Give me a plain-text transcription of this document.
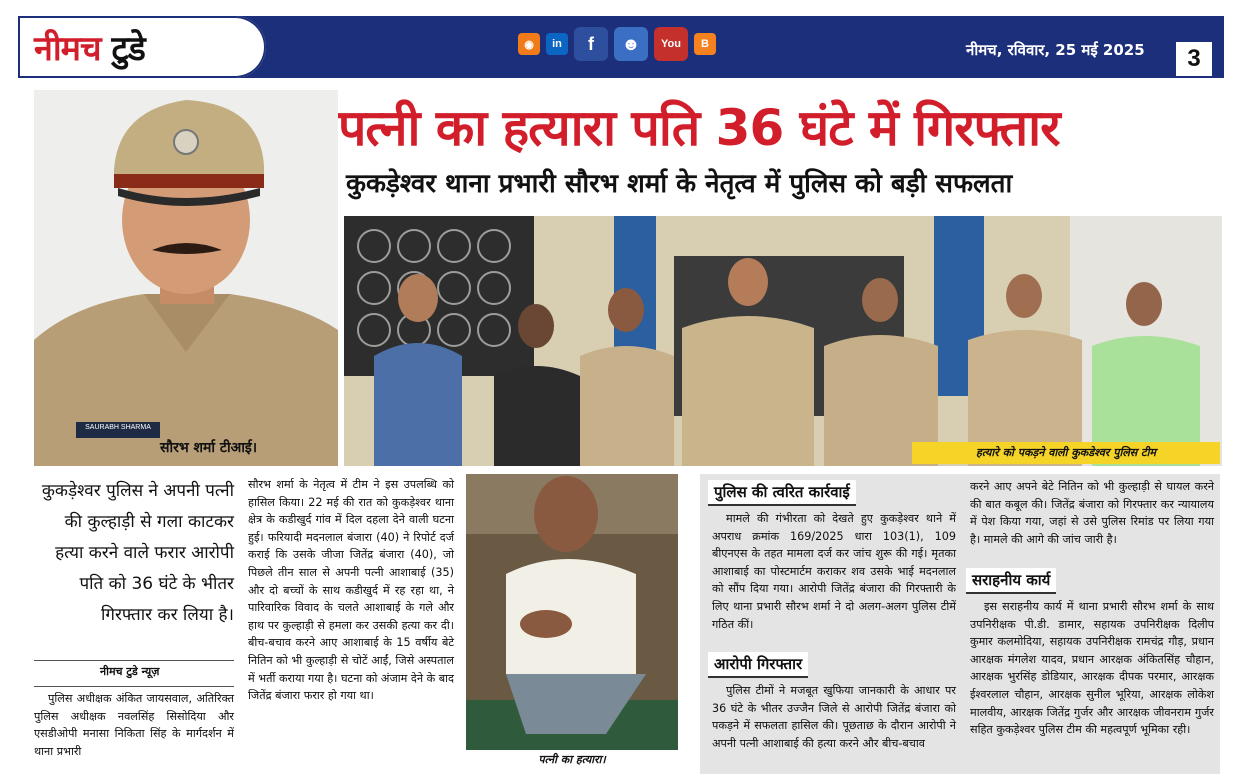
नीमच टुडे	◉	in	f	☻	You	B	नीमच, रविवार, 25 मई 2025	3
पत्नी का हत्यारा पति 36 घंटे में गिरफ्तार
कुकड़ेश्वर थाना प्रभारी सौरभ शर्मा के नेतृत्व में पुलिस को बड़ी सफलता
SAURABH SHARMA
सौरभ शर्मा टीआई।	हत्यारे को पकड़ने वाली कुकडेश्वर पुलिस टीम
कुकड़ेश्वर पुलिस ने अपनी पत्नी की कुल्हाड़ी से गला काटकर हत्या करने वाले फरार आरोपी पति को 36 घंटे के भीतर गिरफ्तार कर लिया है।
नीमच टुडे न्यूज़

पुलिस अधीक्षक अंकित जायसवाल, अतिरिक्त पुलिस अधीक्षक नवलसिंह सिसोदिया और एसडीओपी मनासा निकिता सिंह के मार्गदर्शन में थाना प्रभारी

सौरभ शर्मा के नेतृत्व में टीम ने इस उपलब्धि को हासिल किया। 22 मई की रात को कुकड़ेश्वर थाना क्षेत्र के कडीखुर्द गांव में दिल दहला देने वाली घटना हुई। फरियादी मदनलाल बंजारा (40) ने रिपोर्ट दर्ज कराई कि उसके जीजा जितेंद्र बंजारा (40), जो पिछले तीन साल से अपनी पत्नी आशाबाई (35) और दो बच्चों के साथ कडीखुर्द में रह रहा था, ने पारिवारिक विवाद के चलते आशाबाई के गले और हाथ पर कुल्हाड़ी से हमला कर उसकी हत्या कर दी। बीच-बचाव करने आए आशाबाई के 15 वर्षीय बेटे नितिन को भी कुल्हाड़ी से चोटें आईं, जिसे अस्पताल में भर्ती कराया गया है। घटना को अंजाम देने के बाद जितेंद्र बंजारा फरार हो गया था।

पत्नी का हत्यारा।
पुलिस की त्वरित कार्रवाई

मामले की गंभीरता को देखते हुए कुकड़ेश्वर थाने में अपराध क्रमांक 169/2025 धारा 103(1), 109 बीएनएस के तहत मामला दर्ज कर जांच शुरू की गई। मृतका आशाबाई का पोस्टमार्टम कराकर शव उसके भाई मदनलाल को सौंप दिया गया। आरोपी जितेंद्र बंजारा की गिरफ्तारी के लिए थाना प्रभारी सौरभ शर्मा ने दो अलग-अलग पुलिस टीमें गठित कीं।

आरोपी गिरफ्तार

पुलिस टीमों ने मजबूत खुफिया जानकारी के आधार पर 36 घंटे के भीतर उज्जैन जिले से आरोपी जितेंद्र बंजारा को पकड़ने में सफलता हासिल की। पूछताछ के दौरान आरोपी ने अपनी पत्नी आशाबाई की हत्या करने और बीच-बचाव

करने आए अपने बेटे नितिन को भी कुल्हाड़ी से घायल करने की बात कबूल की। जितेंद्र बंजारा को गिरफ्तार कर न्यायालय में पेश किया गया, जहां से उसे पुलिस रिमांड पर लिया गया है। मामले की आगे की जांच जारी है।

सराहनीय कार्य

इस सराहनीय कार्य में थाना प्रभारी सौरभ शर्मा के साथ उपनिरीक्षक पी.डी. डामार, सहायक उपनिरीक्षक दिलीप कुमार कलमोदिया, सहायक उपनिरीक्षक रामचंद्र गौड़, प्रधान आरक्षक मंगलेश यादव, प्रधान आरक्षक अंकितसिंह चौहान, आरक्षक भुरसिंह डोडियार, आरक्षक दीपक परमार, आरक्षक ईश्वरलाल चौहान, आरक्षक सुनील भूरिया, आरक्षक लोकेश मालवीय, आरक्षक जितेंद्र गुर्जर और आरक्षक जीवनराम गुर्जर सहित कुकड़ेश्वर पुलिस टीम की महत्वपूर्ण भूमिका रही।
